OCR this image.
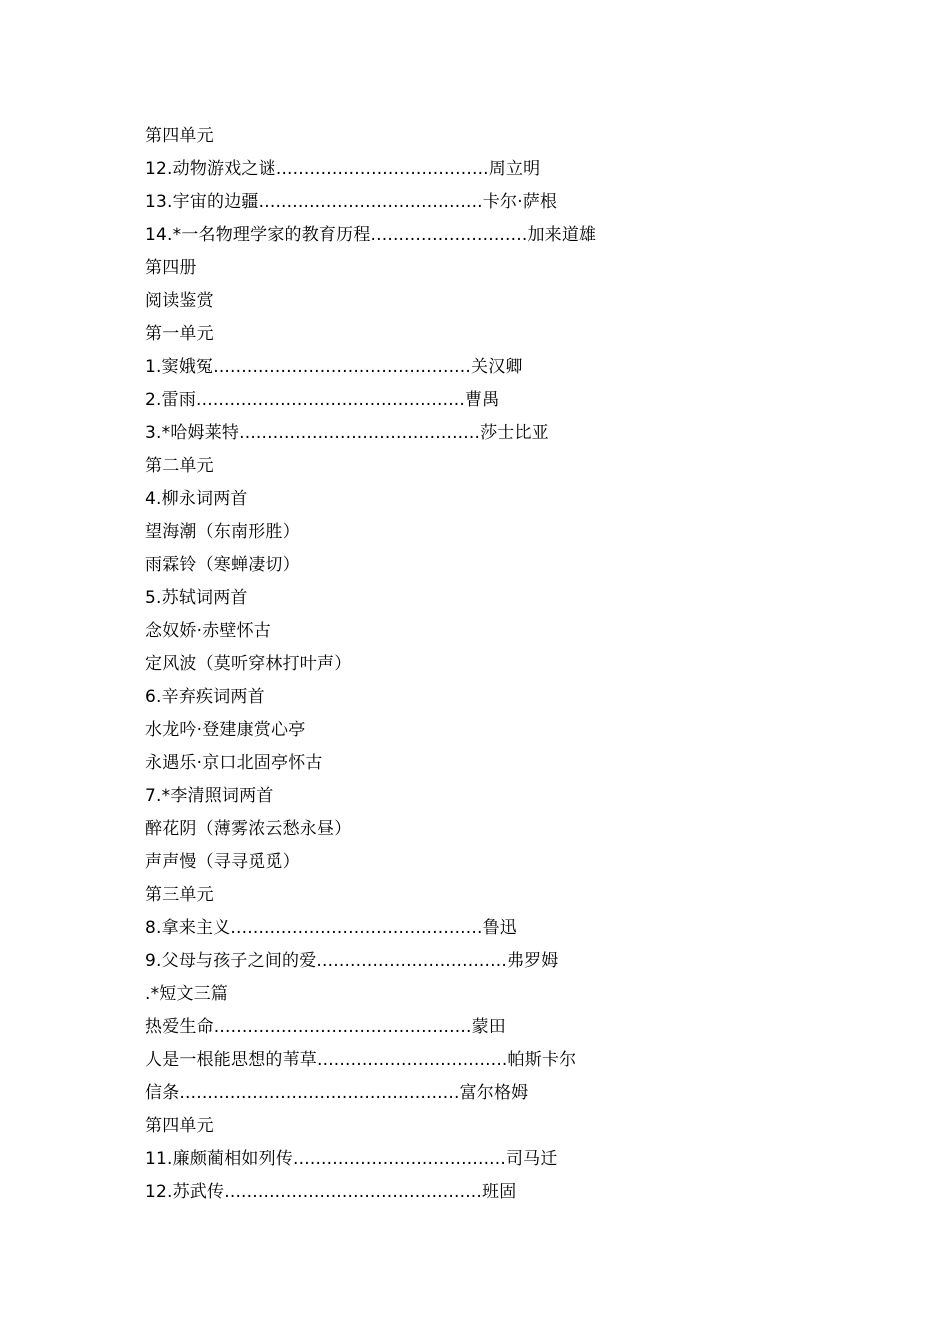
第四单元
12.动物游戏之谜......................................周立明
13.宇宙的边疆........................................卡尔·萨根
14.*一名物理学家的教育历程............................加来道雄
第四册
阅读鉴赏
第一单元
1.窦娥冤..............................................关汉卿
2.雷雨................................................曹禺
3.*哈姆莱特...........................................莎士比亚
第二单元
4.柳永词两首
望海潮（东南形胜）
雨霖铃（寒蝉凄切）
5.苏轼词两首
念奴娇·赤壁怀古
定风波（莫听穿林打叶声）
6.辛弃疾词两首
水龙吟·登建康赏心亭
永遇乐·京口北固亭怀古
7.*李清照词两首
醉花阴（薄雾浓云愁永昼）
声声慢（寻寻觅觅）
第三单元
8.拿来主义.............................................鲁迅
9.父母与孩子之间的爱..................................弗罗姆
.*短文三篇
热爱生命..............................................蒙田
人是一根能思想的苇草..................................帕斯卡尔
信条..................................................富尔格姆
第四单元
11.廉颇蔺相如列传......................................司马迁
12.苏武传..............................................班固
